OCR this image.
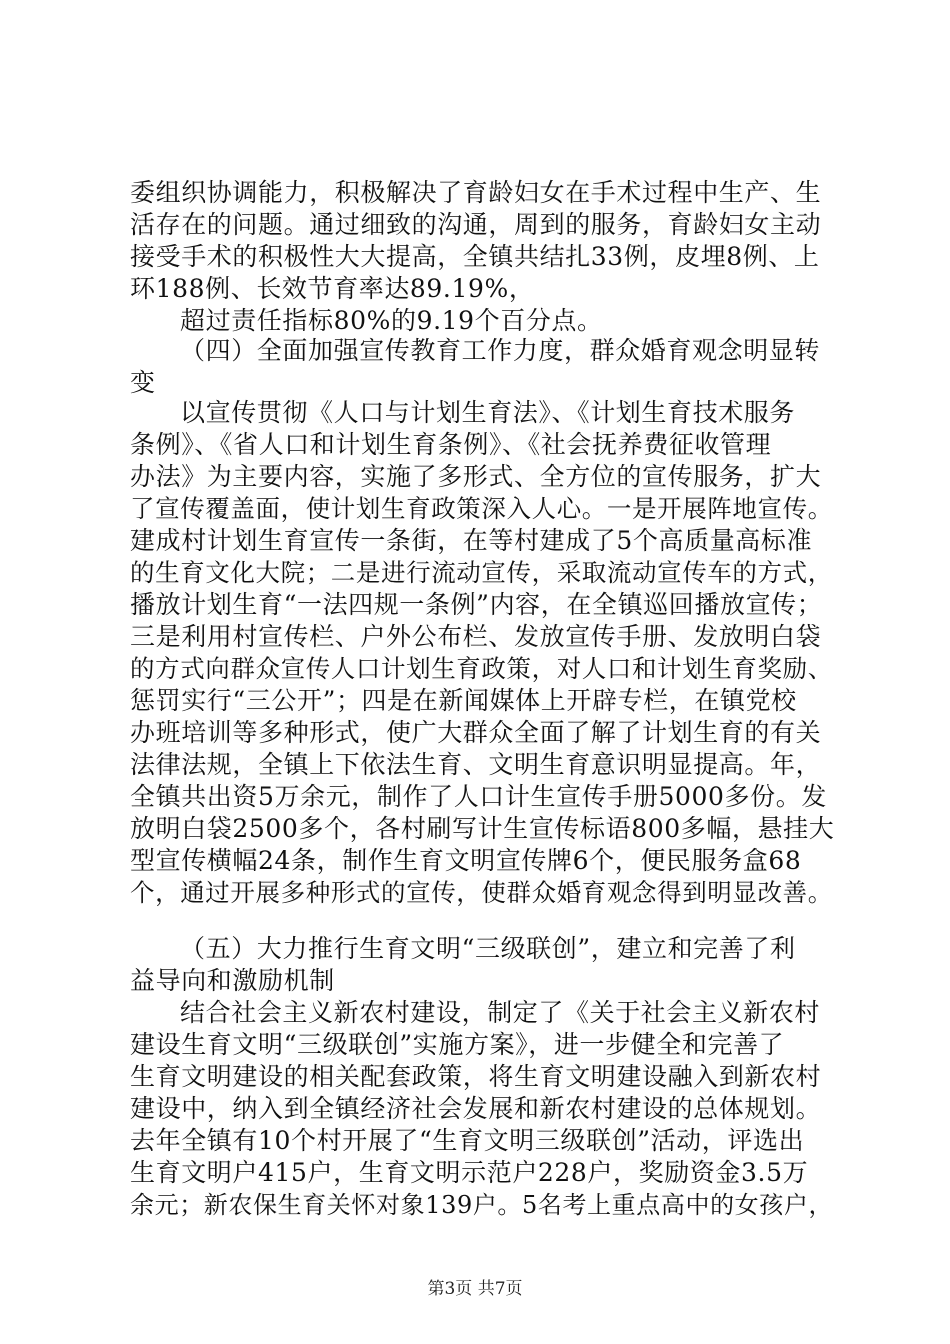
委组织协调能力，积极解决了育龄妇女在手术过程中生产、生
活存在的问题。通过细致的沟通，周到的服务，育龄妇女主动
接受手术的积极性大大提高，全镇共结扎33例，皮埋8例、上
环188例、长效节育率达89.19%，
超过责任指标80%的9.19个百分点。
（四）全面加强宣传教育工作力度，群众婚育观念明显转
变
以宣传贯彻《人口与计划生育法》、《计划生育技术服务
条例》、《省人口和计划生育条例》、《社会抚养费征收管理
办法》为主要内容，实施了多形式、全方位的宣传服务，扩大
了宣传覆盖面，使计划生育政策深入人心。一是开展阵地宣传。
建成村计划生育宣传一条街，在等村建成了5个高质量高标准
的生育文化大院；二是进行流动宣传，采取流动宣传车的方式，
播放计划生育“一法四规一条例”内容，在全镇巡回播放宣传；
三是利用村宣传栏、户外公布栏、发放宣传手册、发放明白袋
的方式向群众宣传人口计划生育政策，对人口和计划生育奖励、
惩罚实行“三公开”；四是在新闻媒体上开辟专栏，在镇党校
办班培训等多种形式，使广大群众全面了解了计划生育的有关
法律法规，全镇上下依法生育、文明生育意识明显提高。年，
全镇共出资5万余元，制作了人口计生宣传手册5000多份。发
放明白袋2500多个，各村刷写计生宣传标语800多幅，悬挂大
型宣传横幅24条，制作生育文明宣传牌6个，便民服务盒68
个，通过开展多种形式的宣传，使群众婚育观念得到明显改善。
（五）大力推行生育文明“三级联创”，建立和完善了利
益导向和激励机制
结合社会主义新农村建设，制定了《关于社会主义新农村
建设生育文明“三级联创”实施方案》，进一步健全和完善了
生育文明建设的相关配套政策，将生育文明建设融入到新农村
建设中，纳入到全镇经济社会发展和新农村建设的总体规划。
去年全镇有10个村开展了“生育文明三级联创”活动，评选出
生育文明户415户，生育文明示范户228户，奖励资金3.5万
余元；新农保生育关怀对象139户。5名考上重点高中的女孩户，
第3页 共7页
